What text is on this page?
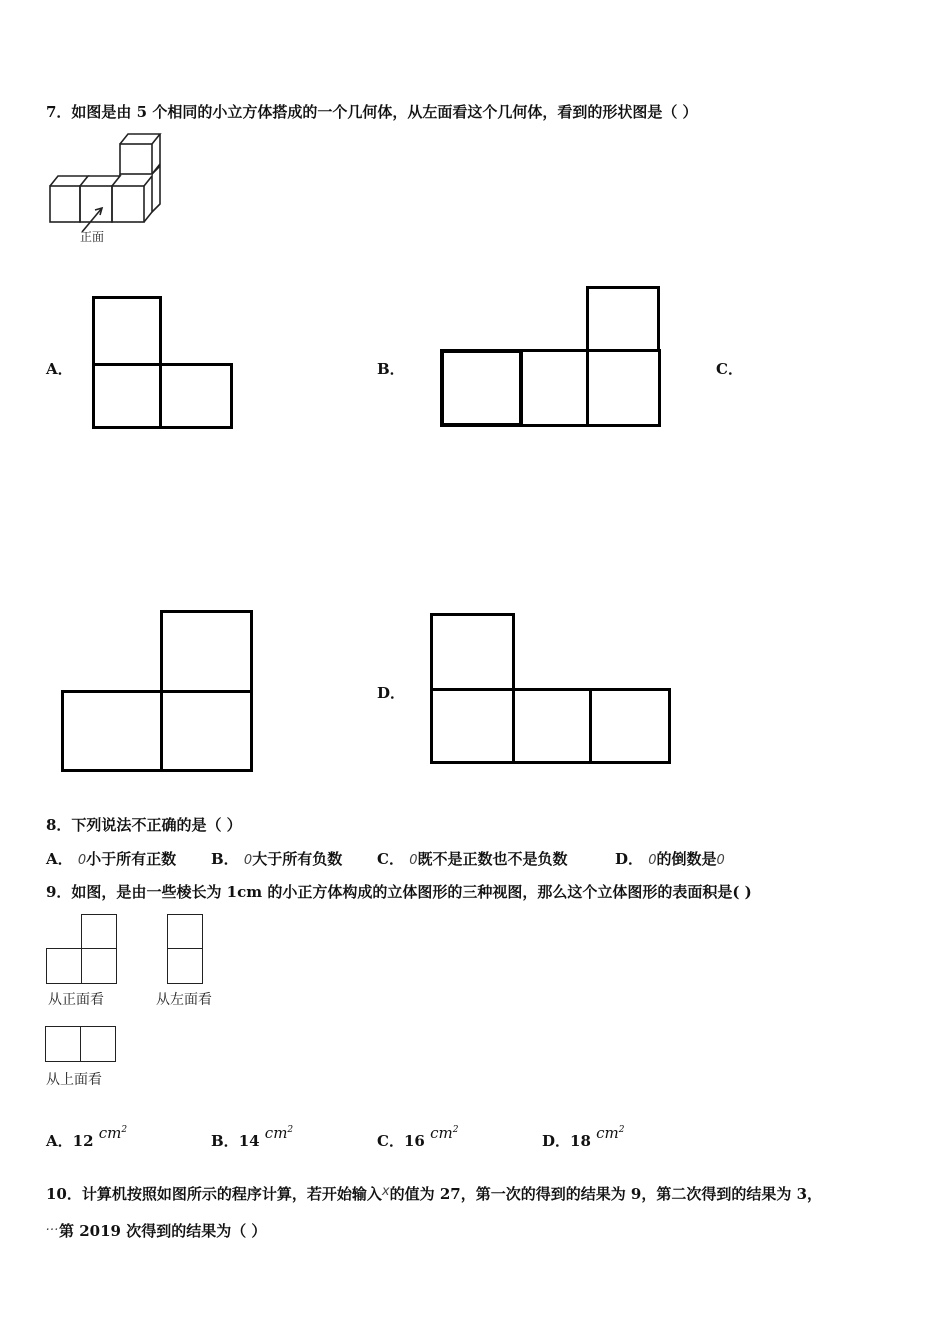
7．如图是由 5 个相同的小立方体搭成的一个几何体，从左面看这个几何体，看到的形状图是（ ）
正面
A．	B．	C．
D．
8．下列说法不正确的是（ ）
A． 0小于所有正数 B． 0大于所有负数 C． 0既不是正数也不是负数	D． 0的倒数是0
9．如图，是由一些棱长为 1cm 的小正方体构成的立体图形的三种视图，那么这个立体图形的表面积是( )
从正面看	从左面看
从上面看
A．12 $cm^2$
B．14 $cm^2$
C．16 $cm^2$
D．18 $cm^2$
10．计算机按照如图所示的程序计算，若开始输入x的值为 27，第一次的得到的结果为 9，第二次得到的结果为 3，
…第 2019 次得到的结果为（ ）
